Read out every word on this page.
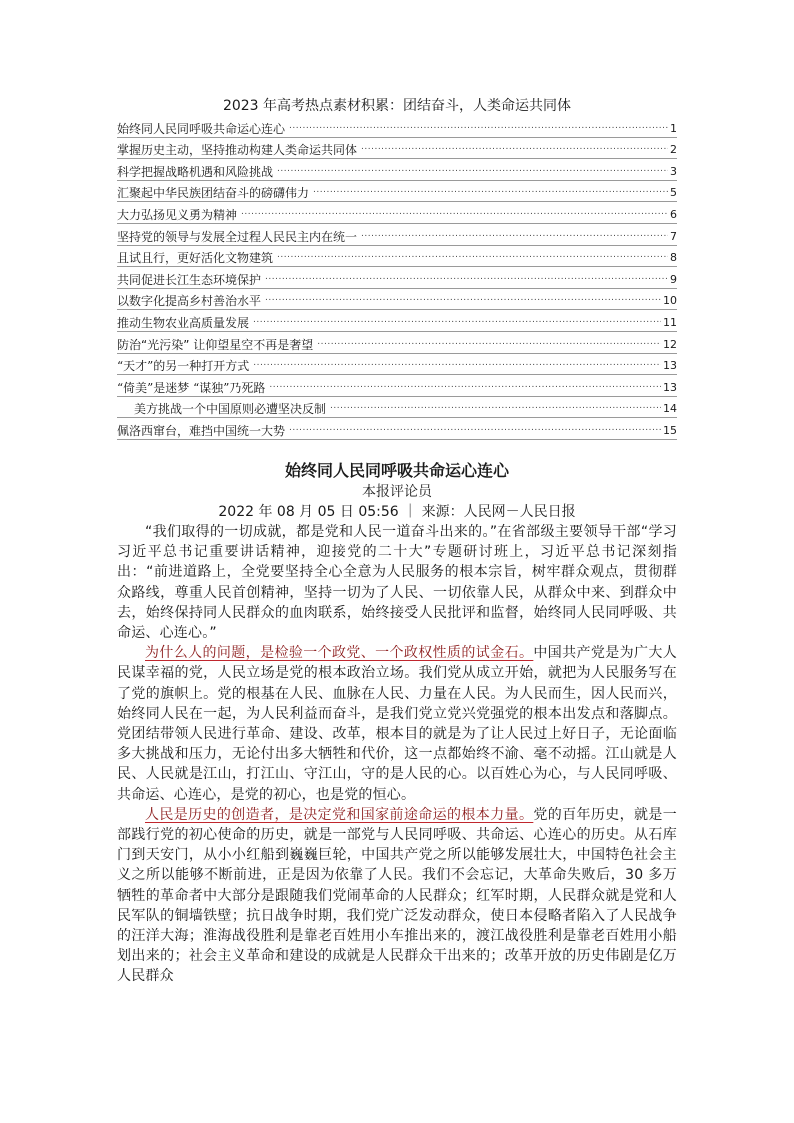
2023 年高考热点素材积累：团结奋斗，人类命运共同体
始终同人民同呼吸共命运心连心 .....	1
掌握历史主动，坚持推动构建人类命运共同体 .....	2
科学把握战略机遇和风险挑战 .....	3
汇聚起中华民族团结奋斗的磅礴伟力 .....	5
大力弘扬见义勇为精神 .....	6
坚持党的领导与发展全过程人民民主内在统一 .....	7
且试且行，更好活化文物建筑 .....	8
共同促进长江生态环境保护 .....	9
以数字化提高乡村善治水平 .....	10
推动生物农业高质量发展 .....	11
防治“光污染” 让仰望星空不再是奢望 .....	12
“天才”的另一种打开方式 .....	13
“倚美”是迷梦 “谋独”乃死路 .....	13
美方挑战一个中国原则必遭坚决反制 .....	14
佩洛西窜台，难挡中国统一大势 .....	15
始终同人民同呼吸共命运心连心

本报评论员

2022 年 08 月 05 日 05:56 ｜ 来源：人民网－人民日报

“我们取得的一切成就，都是党和人民一道奋斗出来的。”在省部级主要领导干部“学习习近平总书记重要讲话精神，迎接党的二十大”专题研讨班上，习近平总书记深刻指出：“前进道路上，全党要坚持全心全意为人民服务的根本宗旨，树牢群众观点，贯彻群众路线，尊重人民首创精神，坚持一切为了人民、一切依靠人民，从群众中来、到群众中去，始终保持同人民群众的血肉联系，始终接受人民批评和监督，始终同人民同呼吸、共命运、心连心。”

为什么人的问题，是检验一个政党、一个政权性质的试金石。中国共产党是为广大人民谋幸福的党，人民立场是党的根本政治立场。我们党从成立开始，就把为人民服务写在了党的旗帜上。党的根基在人民、血脉在人民、力量在人民。为人民而生，因人民而兴，始终同人民在一起，为人民利益而奋斗，是我们党立党兴党强党的根本出发点和落脚点。党团结带领人民进行革命、建设、改革，根本目的就是为了让人民过上好日子，无论面临多大挑战和压力，无论付出多大牺牲和代价，这一点都始终不渝、毫不动摇。江山就是人民、人民就是江山，打江山、守江山，守的是人民的心。以百姓心为心，与人民同呼吸、共命运、心连心，是党的初心，也是党的恒心。

人民是历史的创造者，是决定党和国家前途命运的根本力量。党的百年历史，就是一部践行党的初心使命的历史，就是一部党与人民同呼吸、共命运、心连心的历史。从石库门到天安门，从小小红船到巍巍巨轮，中国共产党之所以能够发展壮大，中国特色社会主义之所以能够不断前进，正是因为依靠了人民。我们不会忘记，大革命失败后，30 多万牺牲的革命者中大部分是跟随我们党闹革命的人民群众；红军时期，人民群众就是党和人民军队的铜墙铁壁；抗日战争时期，我们党广泛发动群众，使日本侵略者陷入了人民战争的汪洋大海；淮海战役胜利是靠老百姓用小车推出来的，渡江战役胜利是靠老百姓用小船划出来的；社会主义革命和建设的成就是人民群众干出来的；改革开放的历史伟剧是亿万人民群众
